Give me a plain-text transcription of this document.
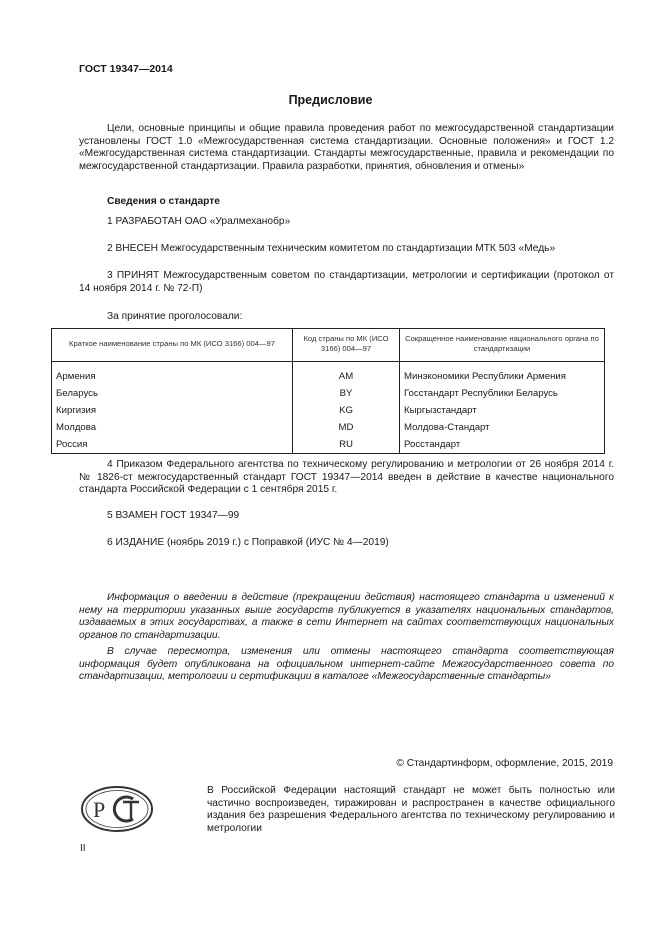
ГОСТ 19347—2014
Предисловие
Цели, основные принципы и общие правила проведения работ по межгосударственной стандартизации установлены ГОСТ 1.0 «Межгосударственная система стандартизации. Основные положения» и ГОСТ 1.2 «Межгосударственная система стандартизации. Стандарты межгосударственные, правила и рекомендации по межгосударственной стандартизации. Правила разработки, принятия, обновления и отмены»
Сведения о стандарте
1 РАЗРАБОТАН ОАО «Уралмеханобр»
2 ВНЕСЕН Межгосударственным техническим комитетом по стандартизации МТК 503 «Медь»
3 ПРИНЯТ Межгосударственным советом по стандартизации, метрологии и сертификации (протокол от 14 ноября 2014 г. № 72-П)
За принятие проголосовали:
Краткое наименование страны по МК (ИСО 3166) 004—97	Код страны по МК (ИСО 3166) 004—97	Сокращенное наименование национального органа по стандартизации

Армения	AM	Минэкономики Республики Армения
Беларусь	BY	Госстандарт Республики Беларусь
Киргизия	KG	Кыргызстандарт
Молдова	MD	Молдова-Стандарт
Россия	RU	Росстандарт
4 Приказом Федерального агентства по техническому регулированию и метрологии от 26 ноября 2014 г. № 1826-ст межгосударственный стандарт ГОСТ 19347—2014 введен в действие в качестве национального стандарта Российской Федерации с 1 сентября 2015 г.
5 ВЗАМЕН ГОСТ 19347—99
6 ИЗДАНИЕ (ноябрь 2019 г.) с Поправкой (ИУС № 4—2019)
Информация о введении в действие (прекращении действия) настоящего стандарта и изменений к нему на территории указанных выше государств публикуется в указателях национальных стандартов, издаваемых в этих государствах, а также в сети Интернет на сайтах соответствующих национальных органов по стандартизации.
В случае пересмотра, изменения или отмены настоящего стандарта соответствующая информация будет опубликована на официальном интернет-сайте Межгосударственного совета по стандартизации, метрологии и сертификации в каталоге «Межгосударственные стандарты»
© Стандартинформ, оформление, 2015, 2019
Р
В Российской Федерации настоящий стандарт не может быть полностью или частично воспроизведен, тиражирован и распространен в качестве официального издания без разрешения Федерального агентства по техническому регулированию и метрологии
II
